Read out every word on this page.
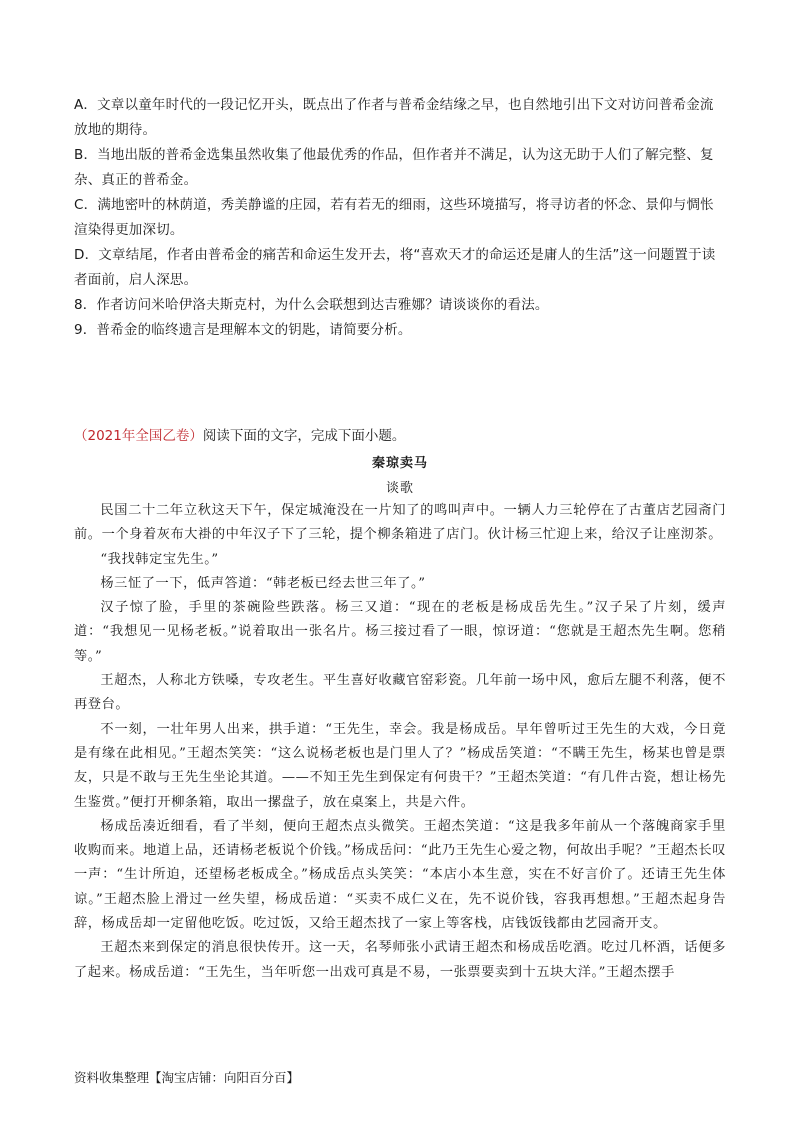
A．文章以童年时代的一段记忆开头，既点出了作者与普希金结缘之早，也自然地引出下文对访问普希金流放地的期待。

B．当地出版的普希金选集虽然收集了他最优秀的作品，但作者并不满足，认为这无助于人们了解完整、复杂、真正的普希金。

C．满地密叶的林荫道，秀美静谧的庄园，若有若无的细雨，这些环境描写，将寻访者的怀念、景仰与惆怅渲染得更加深切。

D．文章结尾，作者由普希金的痛苦和命运生发开去，将“喜欢天才的命运还是庸人的生活”这一问题置于读者面前，启人深思。

8．作者访问米哈伊洛夫斯克村，为什么会联想到达吉雅娜？请谈谈你的看法。

9．普希金的临终遗言是理解本文的钥匙，请简要分析。

（2021年全国乙卷）阅读下面的文字，完成下面小题。
秦琼卖马
谈歌

民国二十二年立秋这天下午，保定城淹没在一片知了的鸣叫声中。一辆人力三轮停在了古董店艺园斋门前。一个身着灰布大褂的中年汉子下了三轮，提个柳条箱进了店门。伙计杨三忙迎上来，给汉子让座沏茶。

“我找韩定宝先生。”

杨三怔了一下，低声答道：“韩老板已经去世三年了。”

汉子惊了脸，手里的茶碗险些跌落。杨三又道：“现在的老板是杨成岳先生。”汉子呆了片刻，缓声道：“我想见一见杨老板。”说着取出一张名片。杨三接过看了一眼，惊讶道：“您就是王超杰先生啊。您稍等。”

王超杰，人称北方铁嗓，专攻老生。平生喜好收藏官窑彩瓷。几年前一场中风，愈后左腿不利落，便不再登台。

不一刻，一壮年男人出来，拱手道：“王先生，幸会。我是杨成岳。早年曾听过王先生的大戏，今日竟是有缘在此相见。”王超杰笑笑：“这么说杨老板也是门里人了？”杨成岳笑道：“不瞒王先生，杨某也曾是票友，只是不敢与王先生坐论其道。——不知王先生到保定有何贵干？”王超杰笑道：“有几件古瓷，想让杨先生鉴赏。”便打开柳条箱，取出一摞盘子，放在桌案上，共是六件。

杨成岳凑近细看，看了半刻，便向王超杰点头微笑。王超杰笑道：“这是我多年前从一个落魄商家手里收购而来。地道上品，还请杨老板说个价钱。”杨成岳问：“此乃王先生心爱之物，何故出手呢？”王超杰长叹一声：“生计所迫，还望杨老板成全。”杨成岳点头笑笑：“本店小本生意，实在不好言价了。还请王先生体谅。”王超杰脸上滑过一丝失望，杨成岳道：“买卖不成仁义在，先不说价钱，容我再想想。”王超杰起身告辞，杨成岳却一定留他吃饭。吃过饭，又给王超杰找了一家上等客栈，店钱饭钱都由艺园斋开支。

王超杰来到保定的消息很快传开。这一天，名琴师张小武请王超杰和杨成岳吃酒。吃过几杯酒，话便多了起来。杨成岳道：“王先生，当年听您一出戏可真是不易，一张票要卖到十五块大洋。”王超杰摆手

资料收集整理【淘宝店铺：向阳百分百】
